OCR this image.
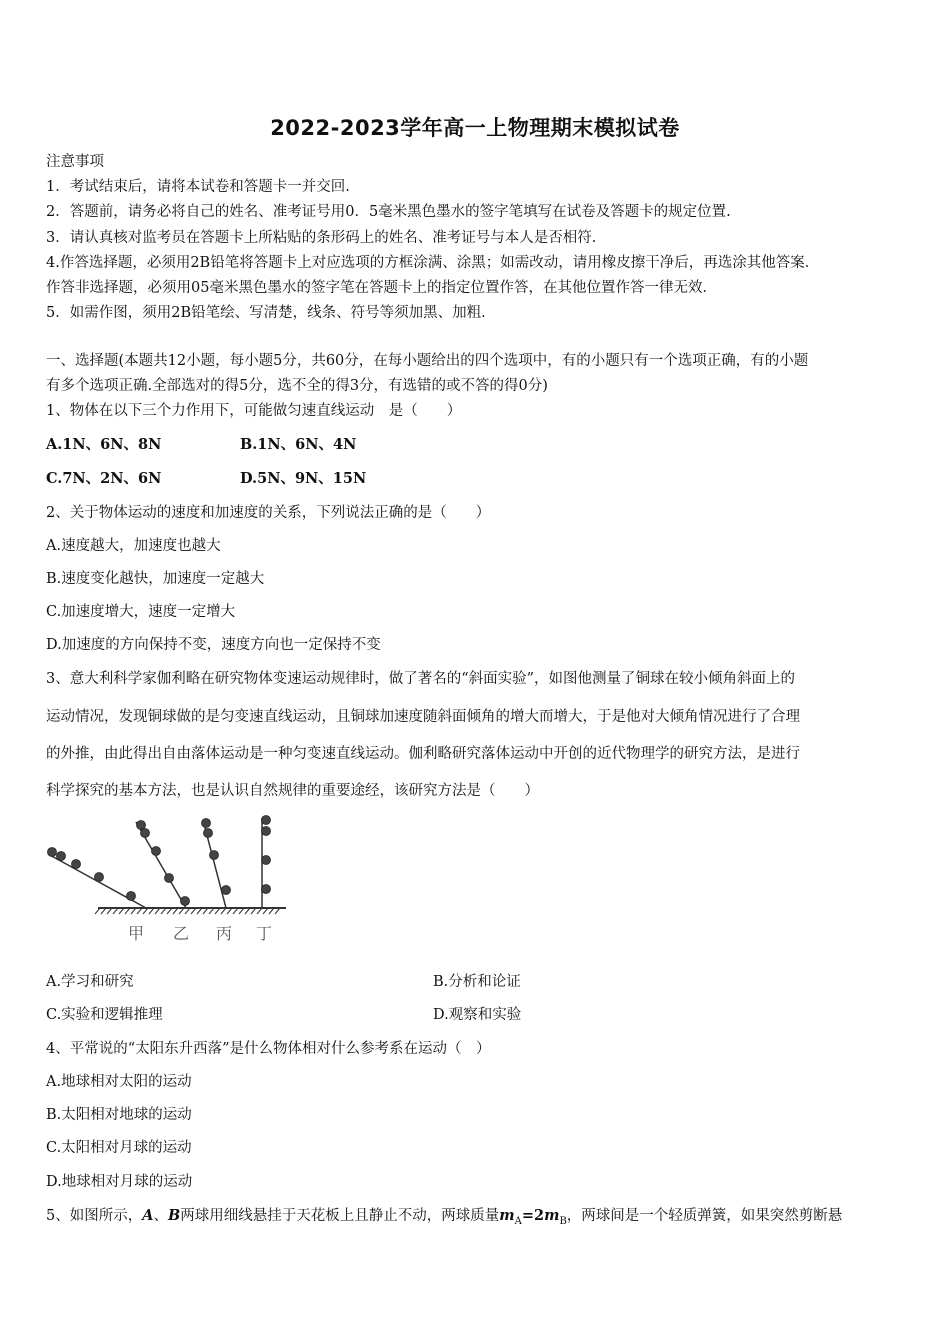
2022-2023学年高一上物理期末模拟试卷
注意事项
1．考试结束后，请将本试卷和答题卡一并交回.
2．答题前，请务必将自己的姓名、准考证号用0．5毫米黑色墨水的签字笔填写在试卷及答题卡的规定位置.
3．请认真核对监考员在答题卡上所粘贴的条形码上的姓名、准考证号与本人是否相符.
4.作答选择题，必须用2B铅笔将答题卡上对应选项的方框涂满、涂黑；如需改动，请用橡皮擦干净后，再选涂其他答案．
作答非选择题，必须用05毫米黑色墨水的签字笔在答题卡上的指定位置作答，在其他位置作答一律无效．
5．如需作图，须用2B铅笔绘、写清楚，线条、符号等须加黑、加粗．
一、选择题(本题共12小题，每小题5分，共60分，在每小题给出的四个选项中，有的小题只有一个选项正确，有的小题
有多个选项正确.全部选对的得5分，选不全的得3分，有选错的或不答的得0分)
1、物体在以下三个力作用下，可能做匀速直线运动　是（　　）
A.1N、6N、8N	B.1N、6N、4N
C.7N、2N、6N	D.5N、9N、15N
2、关于物体运动的速度和加速度的关系，下列说法正确的是（　　）
A.速度越大，加速度也越大
B.速度变化越快，加速度一定越大
C.加速度增大，速度一定增大
D.加速度的方向保持不变，速度方向也一定保持不变
3、意大利科学家伽利略在研究物体变速运动规律时，做了著名的“斜面实验”，如图他测量了铜球在较小倾角斜面上的
运动情况，发现铜球做的是匀变速直线运动，且铜球加速度随斜面倾角的增大而增大，于是他对大倾角情况进行了合理
的外推，由此得出自由落体运动是一种匀变速直线运动。伽利略研究落体运动中开创的近代物理学的研究方法，是进行
科学探究的基本方法，也是认识自然规律的重要途经，该研究方法是（　　）
甲 乙 丙 丁
A.学习和研究	B.分析和论证
C.实验和逻辑推理	D.观察和实验
4、平常说的“太阳东升西落”是什么物体相对什么参考系在运动（　）
A.地球相对太阳的运动
B.太阳相对地球的运动
C.太阳相对月球的运动
D.地球相对月球的运动
5、如图所示，A、B两球用细线悬挂于天花板上且静止不动，两球质量$m_A=2m_B$，两球间是一个轻质弹簧，如果突然剪断悬
